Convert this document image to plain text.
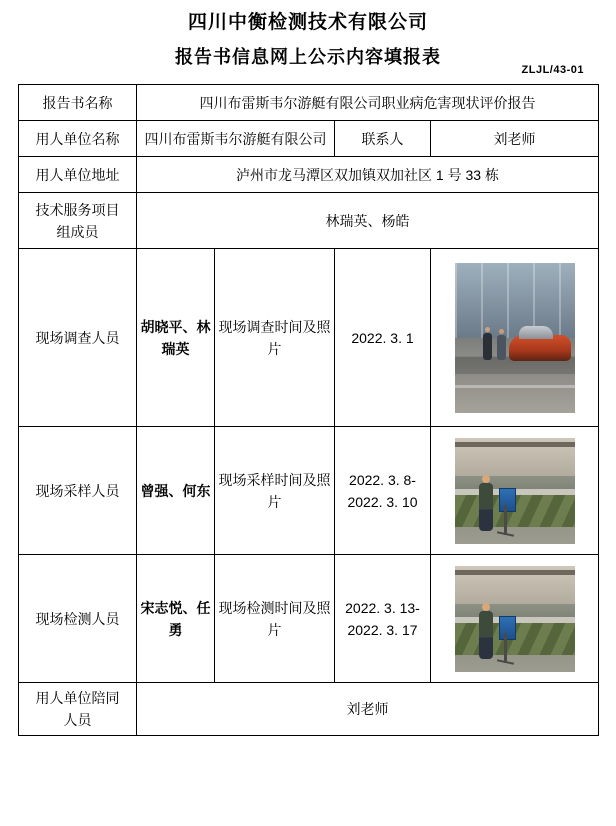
四川中衡检测技术有限公司
报告书信息网上公示内容填报表
ZLJL/43-01
报告书名称	四川布雷斯韦尔游艇有限公司职业病危害现状评价报告			
用人单位名称	四川布雷斯韦尔游艇有限公司		联系人	刘老师
用人单位地址	泸州市龙马潭区双加镇双加社区 1 号 33 栋			

技术服务项目
组成员	林瑞英、杨皓			
现场调查人员	胡晓平、林瑞英	现场调查时间及照片	2022. 3. 1	

现场采样人员	曾强、何东	现场采样时间及照片	2022. 3. 8-2022. 3. 10	

现场检测人员	宋志悦、任勇	现场检测时间及照片	2022. 3. 13-2022. 3. 17	

用人单位陪同
人员	刘老师			
